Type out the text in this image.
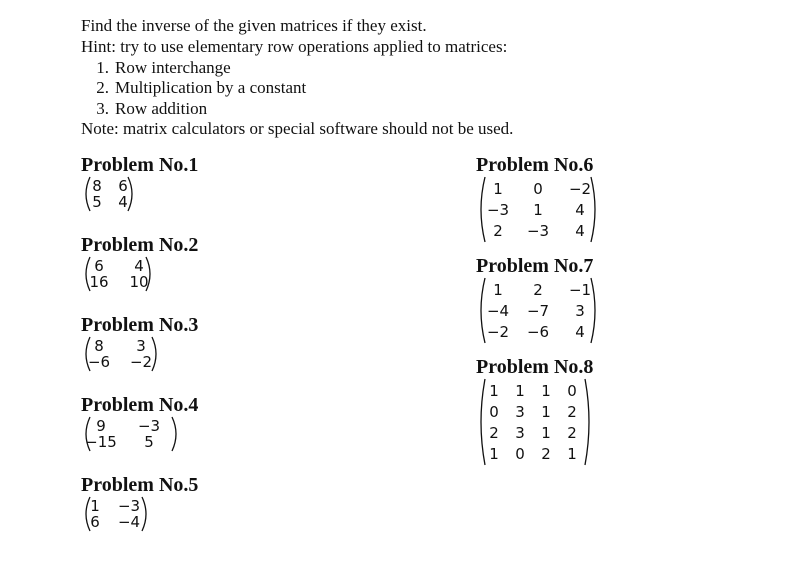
Find the inverse of the given matrices if they exist.
Hint: try to use elementary row operations applied to matrices:
1. Row interchange
2. Multiplication by a constant
3. Row addition
Note: matrix calculators or special software should not be used.
Problem No.1
8	6
5	4
Problem No.2
6	4
16	10
Problem No.3
8	3
−6	−2
Problem No.4
9	−3
−15	5
Problem No.5
1	−3
6	−4
Problem No.6
1	0	−2
−3	1	4
2	−3	4
Problem No.7
1	2	−1
−4	−7	3
−2	−6	4
Problem No.8
1	1	1	0
0	3	1	2
2	3	1	2
1	0	2	1
